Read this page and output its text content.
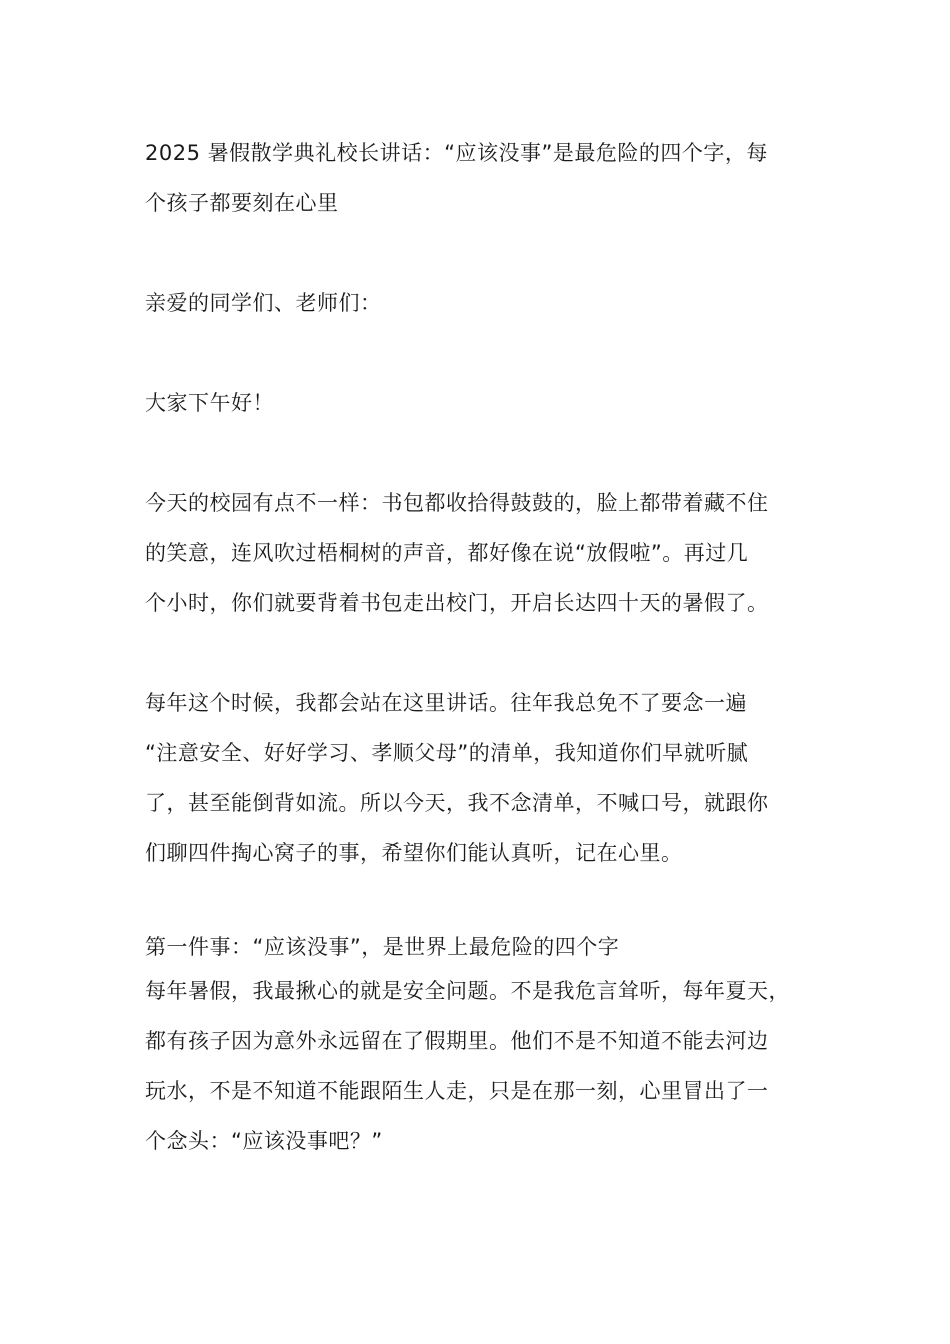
2025 暑假散学典礼校长讲话：“应该没事”是最危险的四个字，每
个孩子都要刻在心里

亲爱的同学们、老师们：

大家下午好！

今天的校园有点不一样：书包都收拾得鼓鼓的，脸上都带着藏不住
的笑意，连风吹过梧桐树的声音，都好像在说“放假啦”。再过几
个小时，你们就要背着书包走出校门，开启长达四十天的暑假了。

每年这个时候，我都会站在这里讲话。往年我总免不了要念一遍
“注意安全、好好学习、孝顺父母”的清单，我知道你们早就听腻
了，甚至能倒背如流。所以今天，我不念清单，不喊口号，就跟你
们聊四件掏心窝子的事，希望你们能认真听，记在心里。

第一件事：“应该没事”，是世界上最危险的四个字

每年暑假，我最揪心的就是安全问题。不是我危言耸听，每年夏天，
都有孩子因为意外永远留在了假期里。他们不是不知道不能去河边
玩水，不是不知道不能跟陌生人走，只是在那一刻，心里冒出了一
个念头：“应该没事吧？”
